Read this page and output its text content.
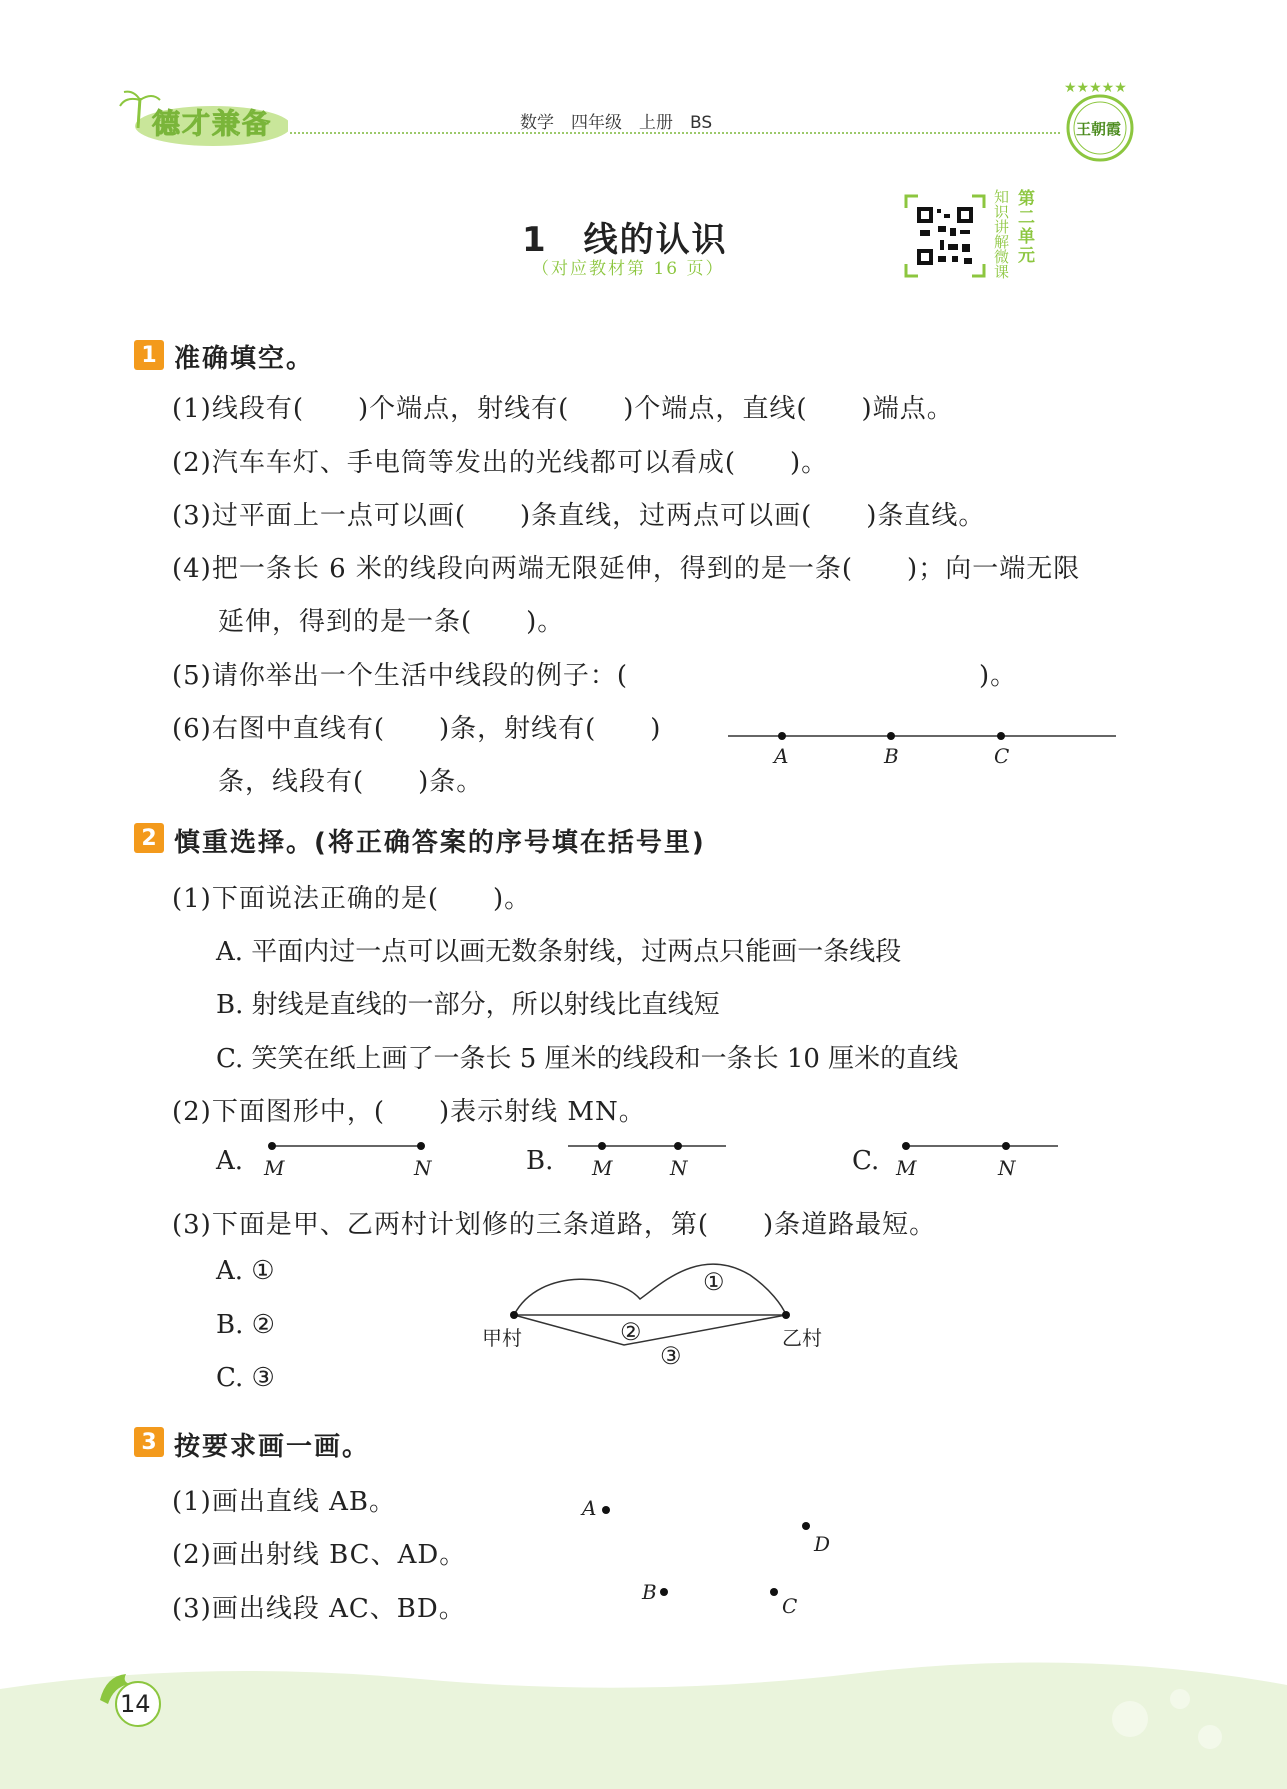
德才兼备	数学　四年级　上册　BS
★★★★★
王朝霞
1　线的认识
（对应教材第 16 页）
第二单元
知识讲解微课
1 准确填空。
(1)线段有(　　)个端点，射线有(　　)个端点，直线(　　)端点。
(2)汽车车灯、手电筒等发出的光线都可以看成(　　)。
(3)过平面上一点可以画(　　)条直线，过两点可以画(　　)条直线。
(4)把一条长 6 米的线段向两端无限延伸，得到的是一条(　　)；向一端无限
延伸，得到的是一条(　　)。
(5)请你举出一个生活中线段的例子：(　　　　　　　　　　　　　)。
(6)右图中直线有(　　)条，射线有(　　)
条，线段有(　　)条。
A	B	C
2 慎重选择。(将正确答案的序号填在括号里)
(1)下面说法正确的是(　　)。
A. 平面内过一点可以画无数条射线，过两点只能画一条线段
B. 射线是直线的一部分，所以射线比直线短
C. 笑笑在纸上画了一条长 5 厘米的线段和一条长 10 厘米的直线
(2)下面图形中，(　　)表示射线 MN。
A. M	N	B. M	N	C. M	N
(3)下面是甲、乙两村计划修的三条道路，第(　　)条道路最短。
A. ①
B. ②
C. ③
①
②
③
甲村	乙村
3 按要求画一画。
(1)画出直线 AB。
(2)画出射线 BC、AD。
(3)画出线段 AC、BD。
A
D
B
C
14
